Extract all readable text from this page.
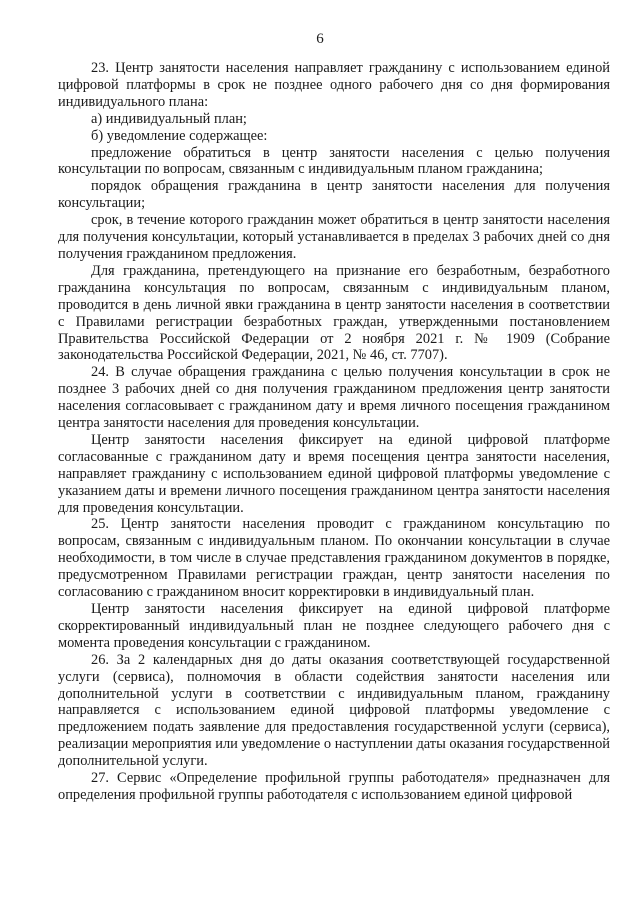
6

23. Центр занятости населения направляет гражданину с использованием единой цифровой платформы в срок не позднее одного рабочего дня со дня формирования индивидуального плана:

а) индивидуальный план;

б) уведомление содержащее:

предложение обратиться в центр занятости населения с целью получения консультации по вопросам, связанным с индивидуальным планом гражданина;

порядок обращения гражданина в центр занятости населения для получения консультации;

срок, в течение которого гражданин может обратиться в центр занятости населения для получения консультации, который устанавливается в пределах 3 рабочих дней со дня получения гражданином предложения.

Для гражданина, претендующего на признание его безработным, безработного гражданина консультация по вопросам, связанным с индивидуальным планом, проводится в день личной явки гражданина в центр занятости населения в соответствии с Правилами регистрации безработных граждан, утвержденными постановлением Правительства Российской Федерации от 2 ноября 2021 г. № 1909 (Собрание законодательства Российской Федерации, 2021, № 46, ст. 7707).

24. В случае обращения гражданина с целью получения консультации в срок не позднее 3 рабочих дней со дня получения гражданином предложения центр занятости населения согласовывает с гражданином дату и время личного посещения гражданином центра занятости населения для проведения консультации.

Центр занятости населения фиксирует на единой цифровой платформе согласованные с гражданином дату и время посещения центра занятости населения, направляет гражданину с использованием единой цифровой платформы уведомление с указанием даты и времени личного посещения гражданином центра занятости населения для проведения консультации.

25. Центр занятости населения проводит с гражданином консультацию по вопросам, связанным с индивидуальным планом. По окончании консультации в случае необходимости, в том числе в случае представления гражданином документов в порядке, предусмотренном Правилами регистрации граждан, центр занятости населения по согласованию с гражданином вносит корректировки в индивидуальный план.

Центр занятости населения фиксирует на единой цифровой платформе скорректированный индивидуальный план не позднее следующего рабочего дня с момента проведения консультации с гражданином.

26. За 2 календарных дня до даты оказания соответствующей государственной услуги (сервиса), полномочия в области содействия занятости населения или дополнительной услуги в соответствии с индивидуальным планом, гражданину направляется с использованием единой цифровой платформы уведомление с предложением подать заявление для предоставления государственной услуги (сервиса), реализации мероприятия или уведомление о наступлении даты оказания государственной дополнительной услуги.

27. Сервис «Определение профильной группы работодателя» предназначен для определения профильной группы работодателя с использованием единой цифровой
